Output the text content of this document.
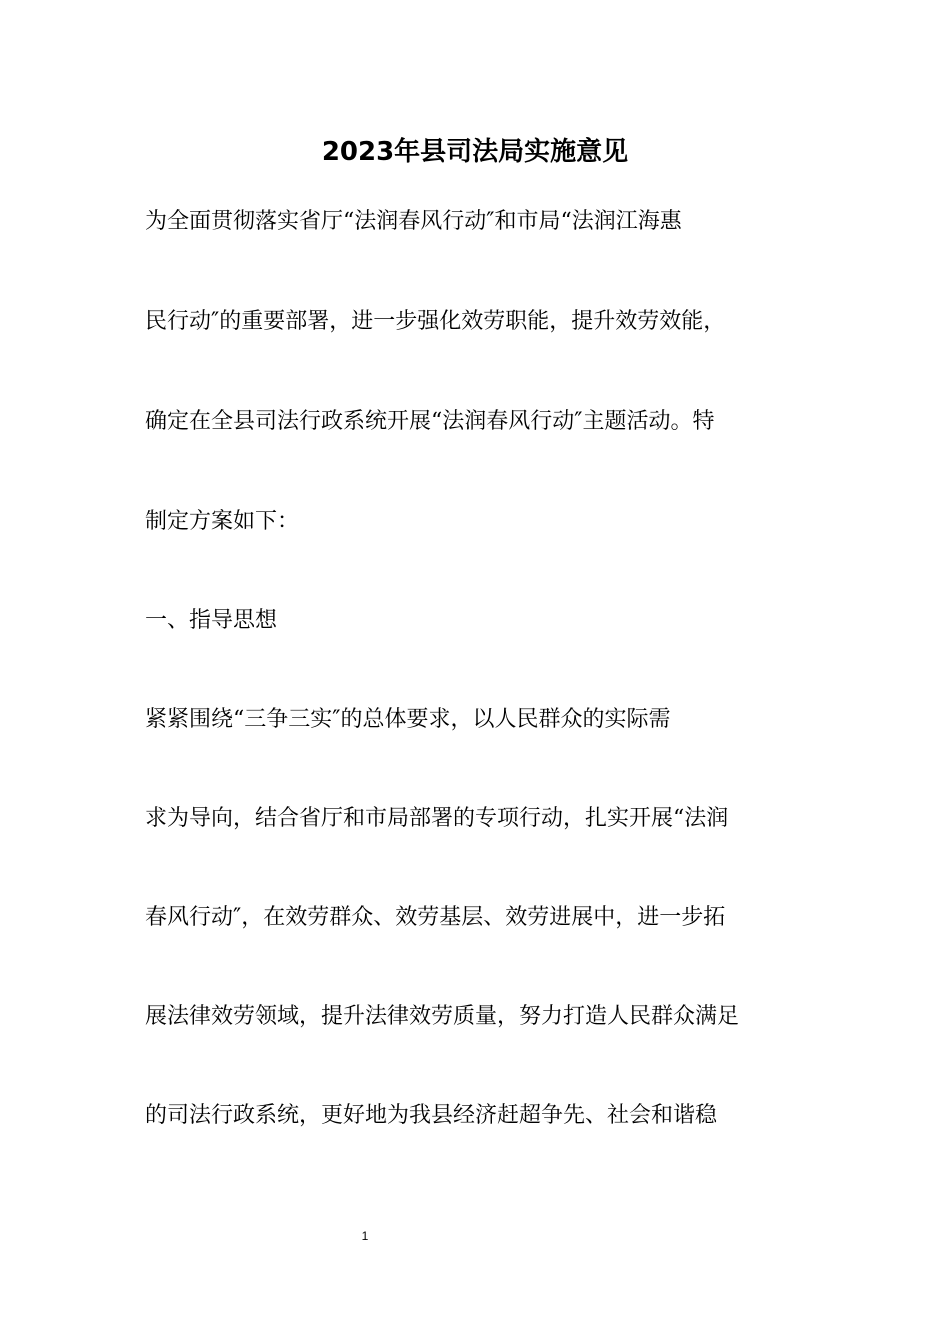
2023年县司法局实施意见

为全面贯彻落实省厅“法润春风行动″和市局“法润江海惠

民行动″的重要部署，进一步强化效劳职能，提升效劳效能，

确定在全县司法行政系统开展“法润春风行动″主题活动。特

制定方案如下：

一、指导思想

紧紧围绕“三争三实″的总体要求，以人民群众的实际需

求为导向，结合省厅和市局部署的专项行动，扎实开展“法润

春风行动″，在效劳群众、效劳基层、效劳进展中，进一步拓

展法律效劳领域，提升法律效劳质量，努力打造人民群众满足

的司法行政系统，更好地为我县经济赶超争先、社会和谐稳

1
